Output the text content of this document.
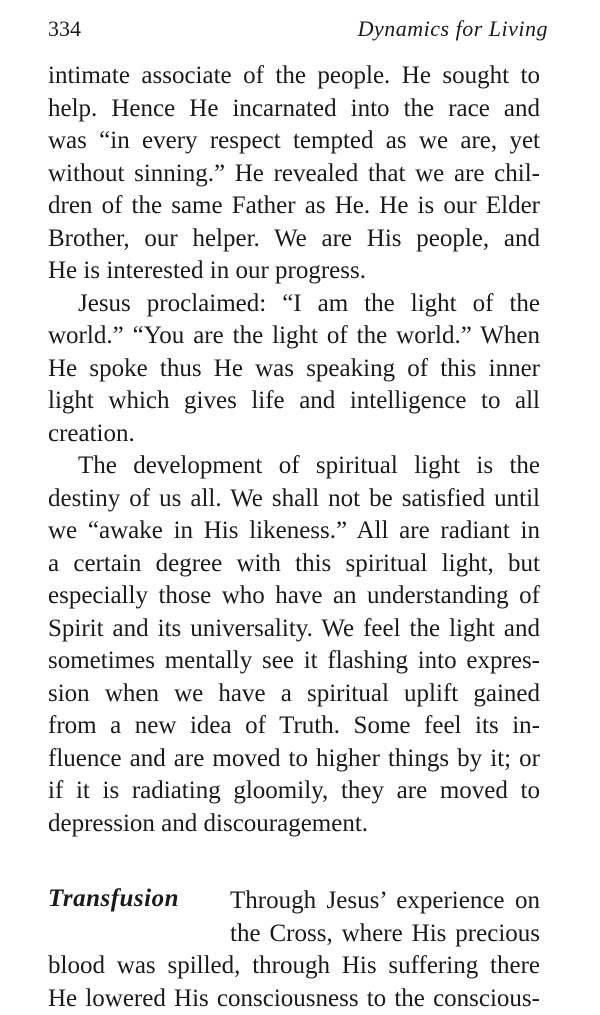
334	Dynamics for Living
intimate associate of the people. He sought to
help. Hence He incarnated into the race and
was “in every respect tempted as we are, yet
without sinning.” He revealed that we are chil-
dren of the same Father as He. He is our Elder
Brother, our helper. We are His people, and
He is interested in our progress.
Jesus proclaimed: “I am the light of the
world.” “You are the light of the world.” When
He spoke thus He was speaking of this inner
light which gives life and intelligence to all
creation.
The development of spiritual light is the
destiny of us all. We shall not be satisfied until
we “awake in His likeness.” All are radiant in
a certain degree with this spiritual light, but
especially those who have an understanding of
Spirit and its universality. We feel the light and
sometimes mentally see it flashing into expres-
sion when we have a spiritual uplift gained
from a new idea of Truth. Some feel its in-
fluence and are moved to higher things by it; or
if it is radiating gloomily, they are moved to
depression and discouragement.
Transfusion	Through Jesus’ experience on
the Cross, where His precious
blood was spilled, through His suffering there
He lowered His consciousness to the conscious-
